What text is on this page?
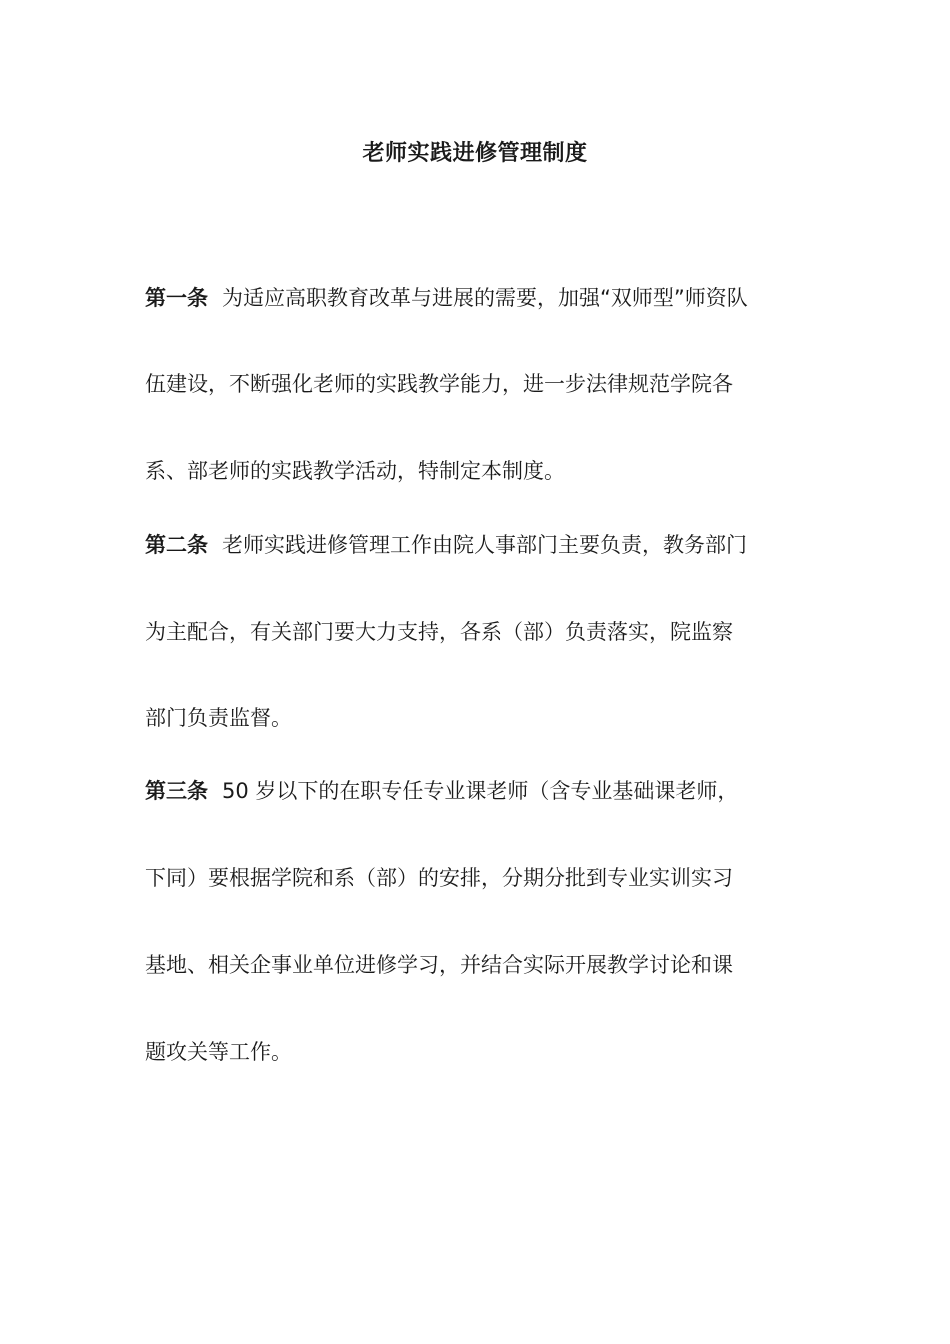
老师实践进修管理制度
第一条 为适应高职教育改革与进展的需要，加强“双师型”师资队
伍建设，不断强化老师的实践教学能力，进一步法律规范学院各
系、部老师的实践教学活动，特制定本制度。
第二条 老师实践进修管理工作由院人事部门主要负责，教务部门
为主配合，有关部门要大力支持，各系（部）负责落实，院监察
部门负责监督。
第三条 50 岁以下的在职专任专业课老师（含专业基础课老师，
下同）要根据学院和系（部）的安排，分期分批到专业实训实习
基地、相关企事业单位进修学习，并结合实际开展教学讨论和课
题攻关等工作。
